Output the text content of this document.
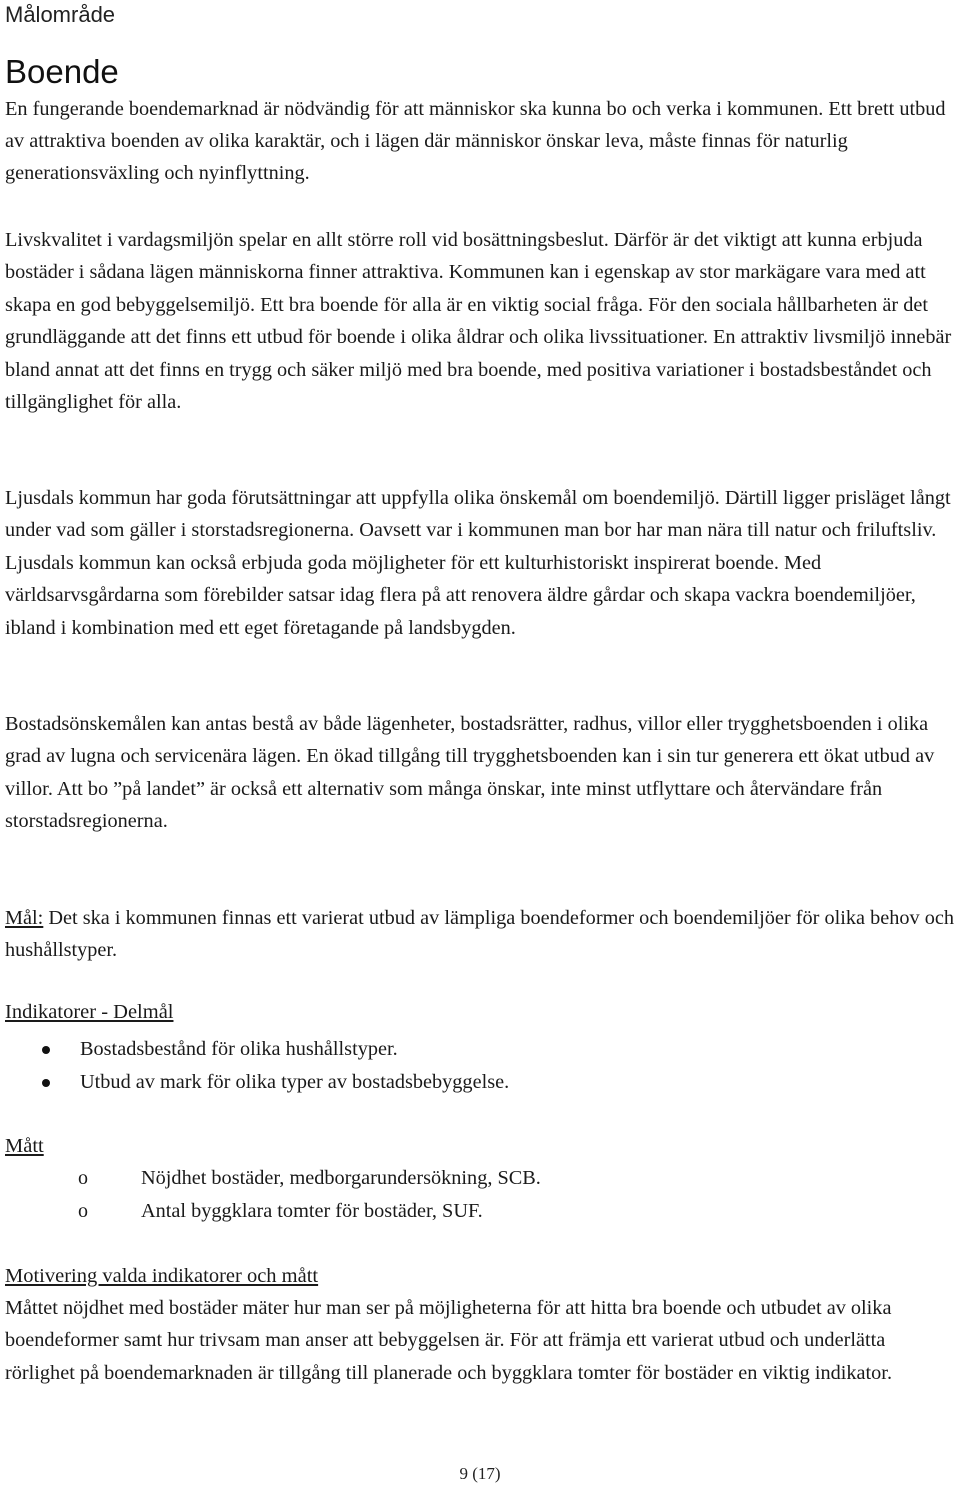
Målområde
Boende

En fungerande boendemarknad är nödvändig för att människor ska kunna bo och verka i kommunen. Ett brett utbud av attraktiva boenden av olika karaktär, och i lägen där människor önskar leva, måste finnas för naturlig generationsväxling och nyinflyttning.

Livskvalitet i vardagsmiljön spelar en allt större roll vid bosättningsbeslut. Därför är det viktigt att kunna erbjuda bostäder i sådana lägen människorna finner attraktiva. Kommunen kan i egenskap av stor markägare vara med att skapa en god bebyggelsemiljö. Ett bra boende för alla är en viktig social fråga. För den sociala hållbarheten är det grundläggande att det finns ett utbud för boende i olika åldrar och olika livssituationer. En attraktiv livsmiljö innebär bland annat att det finns en trygg och säker miljö med bra boende, med positiva variationer i bostadsbeståndet och tillgänglighet för alla.

Ljusdals kommun har goda förutsättningar att uppfylla olika önskemål om boendemiljö. Därtill ligger prisläget långt under vad som gäller i storstadsregionerna. Oavsett var i kommunen man bor har man nära till natur och friluftsliv. Ljusdals kommun kan också erbjuda goda möjligheter för ett kulturhistoriskt inspirerat boende. Med världsarvsgårdarna som förebilder satsar idag flera på att renovera äldre gårdar och skapa vackra boendemiljöer, ibland i kombination med ett eget företagande på landsbygden.

Bostadsönskemålen kan antas bestå av både lägenheter, bostadsrätter, radhus, villor eller trygghetsboenden i olika grad av lugna och servicenära lägen. En ökad tillgång till trygghetsboenden kan i sin tur generera ett ökat utbud av villor. Att bo ”på landet” är också ett alternativ som många önskar, inte minst utflyttare och återvändare från storstadsregionerna.

Mål: Det ska i kommunen finnas ett varierat utbud av lämpliga boendeformer och boendemiljöer för olika behov och hushållstyper.

Indikatorer - Delmål
Bostadsbestånd för olika hushållstyper.
Utbud av mark för olika typer av bostadsbebyggelse.
Mått
o	Nöjdhet bostäder, medborgarundersökning, SCB.
o	Antal byggklara tomter för bostäder, SUF.
Motivering valda indikatorer och mått

Måttet nöjdhet med bostäder mäter hur man ser på möjligheterna för att hitta bra boende och utbudet av olika boendeformer samt hur trivsam man anser att bebyggelsen är. För att främja ett varierat utbud och underlätta rörlighet på boendemarknaden är tillgång till planerade och byggklara tomter för bostäder en viktig indikator.

9 (17)
